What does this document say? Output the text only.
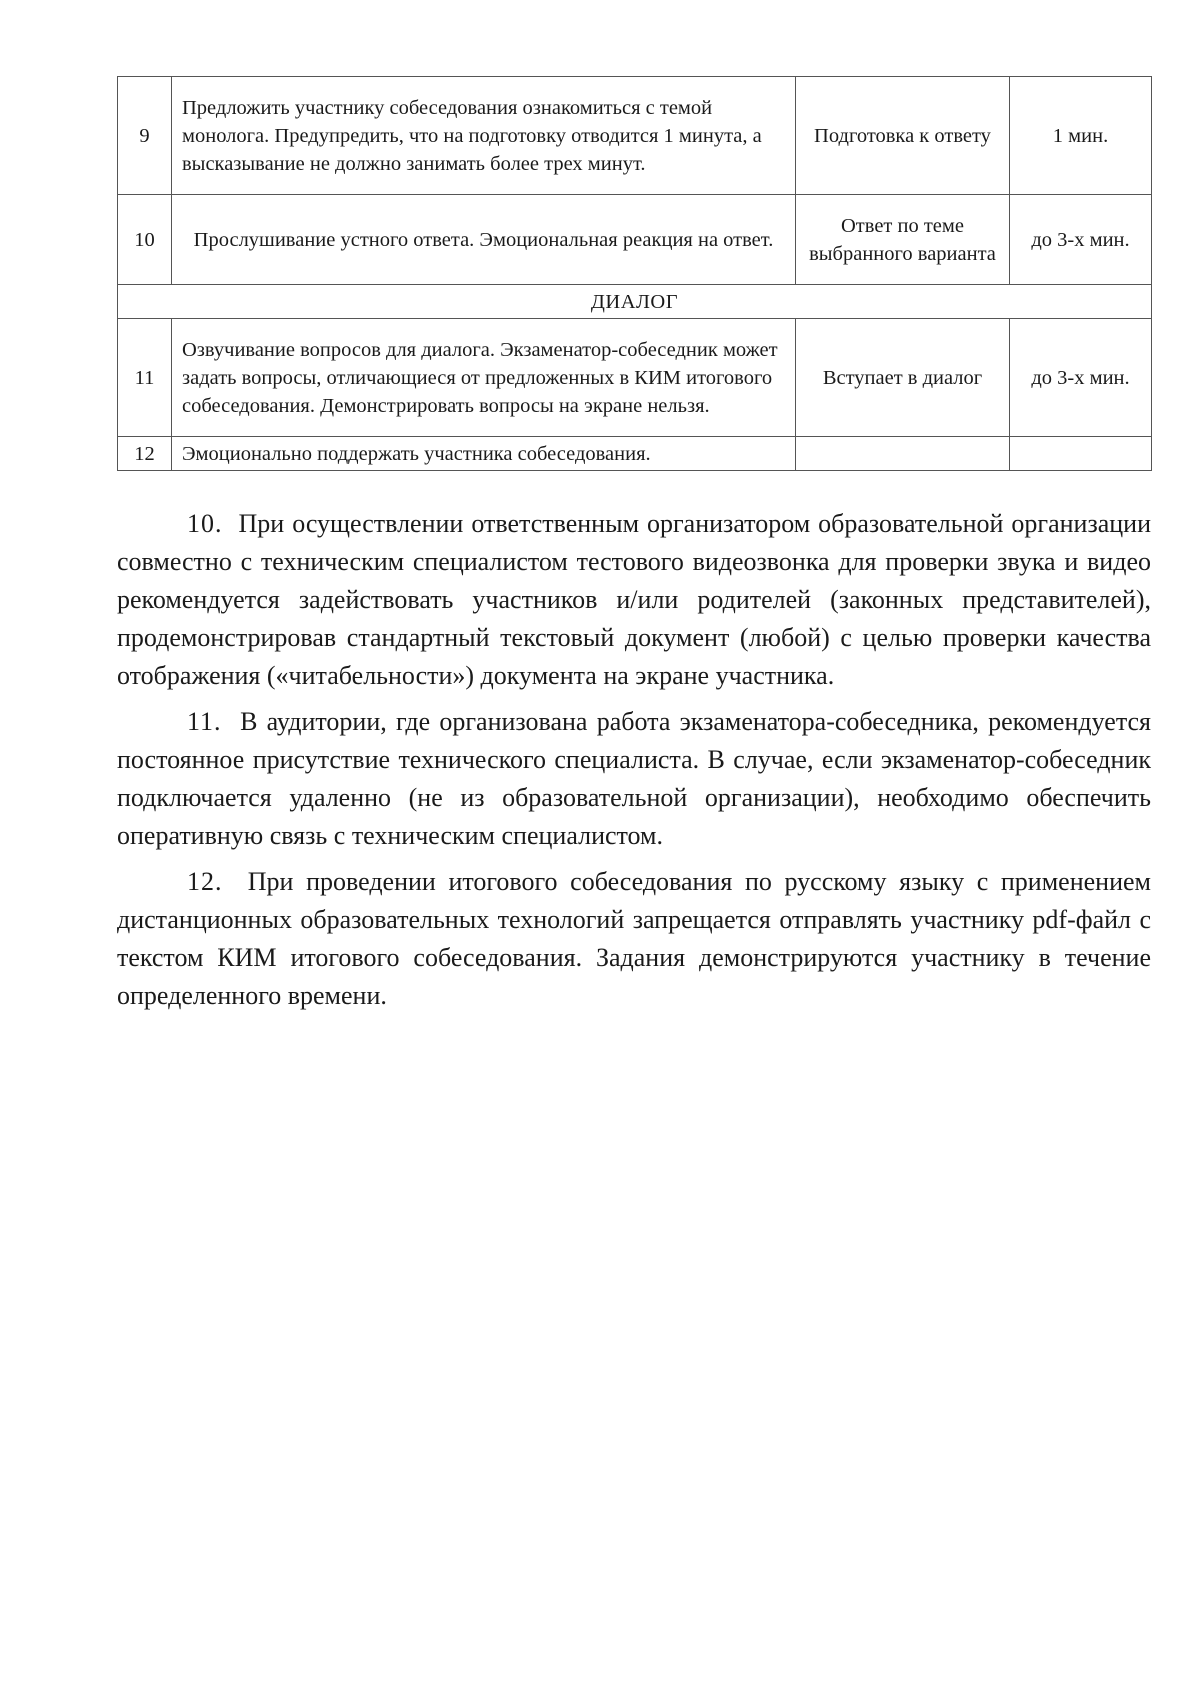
9	Предложить участнику собеседования ознакомиться с темой монолога. Предупредить, что на подготовку отводится 1 минута, а высказывание не должно занимать более трех минут.	Подготовка к ответу	1 мин.
10	Прослушивание устного ответа. Эмоциональная реакция на ответ.	Ответ по теме выбранного варианта	до 3-х мин.
ДИАЛОГ			
11	Озвучивание вопросов для диалога. Экзаменатор-собеседник может задать вопросы, отличающиеся от предложенных в КИМ итогового собеседования. Демонстрировать вопросы на экране нельзя.	Вступает в диалог	до 3-х мин.
12	Эмоционально поддержать участника собеседования.		

10. При осуществлении ответственным организатором образовательной организации совместно с техническим специалистом тестового видеозвонка для проверки звука и видео рекомендуется задействовать участников и/или родителей (законных представителей), продемонстрировав стандартный текстовый документ (любой) с целью проверки качества отображения («читабельности») документа на экране участника.

11. В аудитории, где организована работа экзаменатора-собеседника, рекомендуется постоянное присутствие технического специалиста. В случае, если экзаменатор-собеседник подключается удаленно (не из образовательной организации), необходимо обеспечить оперативную связь с техническим специалистом.

12. При проведении итогового собеседования по русскому языку с применением дистанционных образовательных технологий запрещается отправлять участнику pdf-файл с текстом КИМ итогового собеседования. Задания демонстрируются участнику в течение определенного времени.
